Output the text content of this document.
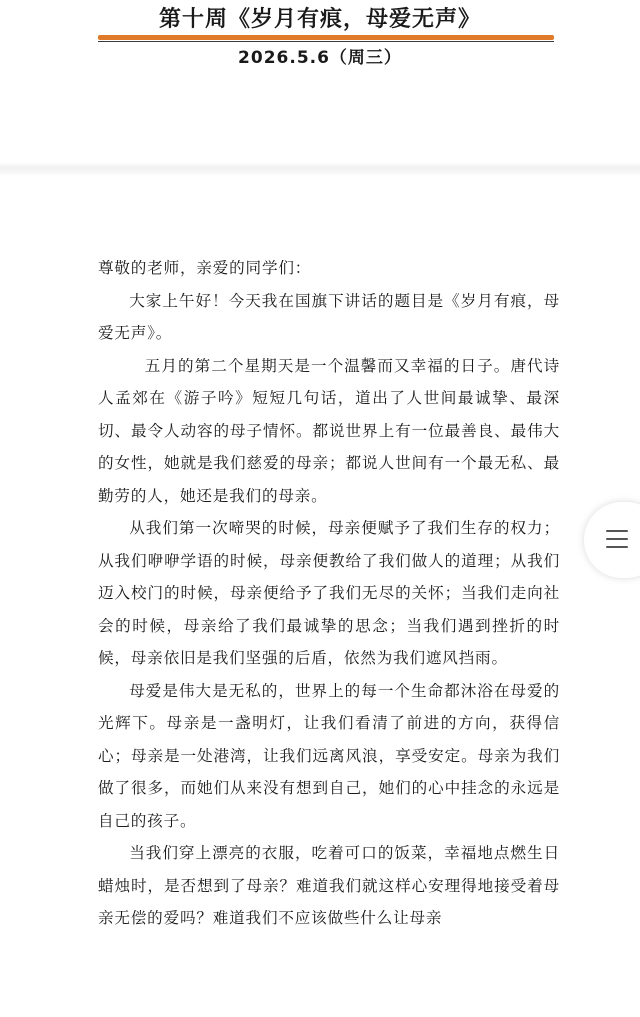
第十周《岁月有痕，母爱无声》
2026.5.6（周三）

尊敬的老师，亲爱的同学们：

大家上午好！今天我在国旗下讲话的题目是《岁月有痕，母爱无声》。

五月的第二个星期天是一个温馨而又幸福的日子。唐代诗人孟郊在《游子吟》短短几句话，道出了人世间最诚挚、最深切、最令人动容的母子情怀。都说世界上有一位最善良、最伟大的女性，她就是我们慈爱的母亲；都说人世间有一个最无私、最勤劳的人，她还是我们的母亲。

从我们第一次啼哭的时候，母亲便赋予了我们生存的权力；从我们咿咿学语的时候，母亲便教给了我们做人的道理；从我们迈入校门的时候，母亲便给予了我们无尽的关怀；当我们走向社会的时候，母亲给了我们最诚挚的思念；当我们遇到挫折的时候，母亲依旧是我们坚强的后盾，依然为我们遮风挡雨。

母爱是伟大是无私的，世界上的每一个生命都沐浴在母爱的光辉下。母亲是一盏明灯，让我们看清了前进的方向，获得信心；母亲是一处港湾，让我们远离风浪，享受安定。母亲为我们做了很多，而她们从来没有想到自己，她们的心中挂念的永远是自己的孩子。

当我们穿上漂亮的衣服，吃着可口的饭菜，幸福地点燃生日蜡烛时，是否想到了母亲？难道我们就这样心安理得地接受着母亲无偿的爱吗？难道我们不应该做些什么让母亲
